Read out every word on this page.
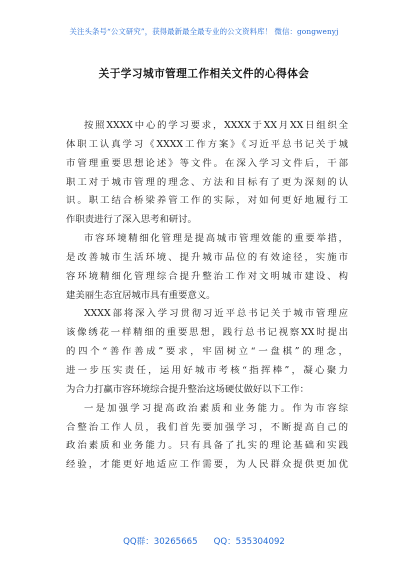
关注头条号“公文研究”，获得最新最全最专业的公文资料库！ 微信：gongwenyj
关于学习城市管理工作相关文件的心得体会
按照XXXX中心的学习要求，XXXX于XX月XX日组织全
体职工认真学习《XXXX工作方案》《习近平总书记关于城
市管理重要思想论述》等文件。在深入学习文件后，干部
职工对于城市管理的理念、方法和目标有了更为深刻的认
识。职工结合桥梁养管工作的实际，对如何更好地履行工
作职责进行了深入思考和研讨。
市容环境精细化管理是提高城市管理效能的重要举措，
是改善城市生活环境、提升城市品位的有效途径，实施市
容环境精细化管理综合提升整治工作对文明城市建设、构
建美丽生态宜居城市具有重要意义。
XXXX部将深入学习贯彻习近平总书记关于城市管理应
该像绣花一样精细的重要思想，践行总书记视察XX时提出
的四个“善作善成”要求，牢固树立“一盘棋”的理念，
进一步压实责任，运用好城市考核“指挥棒”，凝心聚力
为合力打赢市容环境综合提升整治这场硬仗做好以下工作：
一是加强学习提高政治素质和业务能力。作为市容综
合整治工作人员，我们首先要加强学习，不断提高自己的
政治素质和业务能力。只有具备了扎实的理论基础和实践
经验，才能更好地适应工作需要，为人民群众提供更加优
QQ群：30265665 QQ：535304092
